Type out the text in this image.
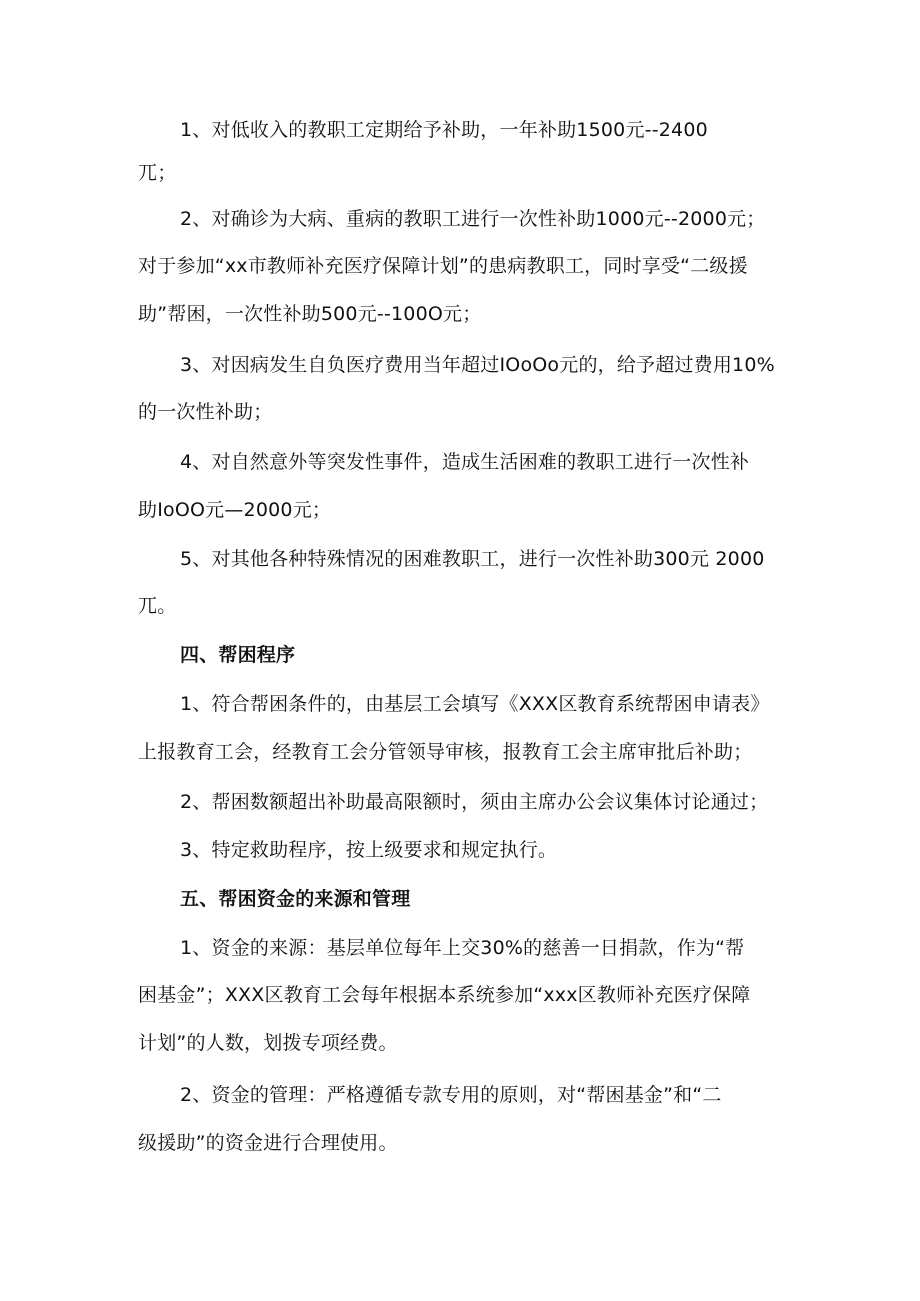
1、对低收入的教职工定期给予补助，一年补助1500元--2400
兀；
2、对确诊为大病、重病的教职工进行一次性补助1000元--2000元；
对于参加“xx市教师补充医疗保障计划”的患病教职工，同时享受“二级援
助”帮困，一次性补助500元--100O元；
3、对因病发生自负医疗费用当年超过IOoOo元的，给予超过费用10%
的一次性补助；
4、对自然意外等突发性事件，造成生活困难的教职工进行一次性补
助IoOO元—2000元；
5、对其他各种特殊情况的困难教职工，进行一次性补助300元 2000
兀。
四、帮困程序
1、符合帮困条件的，由基层工会填写《XXX区教育系统帮困申请表》
上报教育工会，经教育工会分管领导审核，报教育工会主席审批后补助；
2、帮困数额超出补助最高限额时，须由主席办公会议集体讨论通过；
3、特定救助程序，按上级要求和规定执行。
五、帮困资金的来源和管理
1、资金的来源：基层单位每年上交30%的慈善一日捐款，作为“帮
困基金”；XXX区教育工会每年根据本系统参加“xxx区教师补充医疗保障
计划”的人数，划拨专项经费。
2、资金的管理：严格遵循专款专用的原则，对“帮困基金”和“二
级援助”的资金进行合理使用。
